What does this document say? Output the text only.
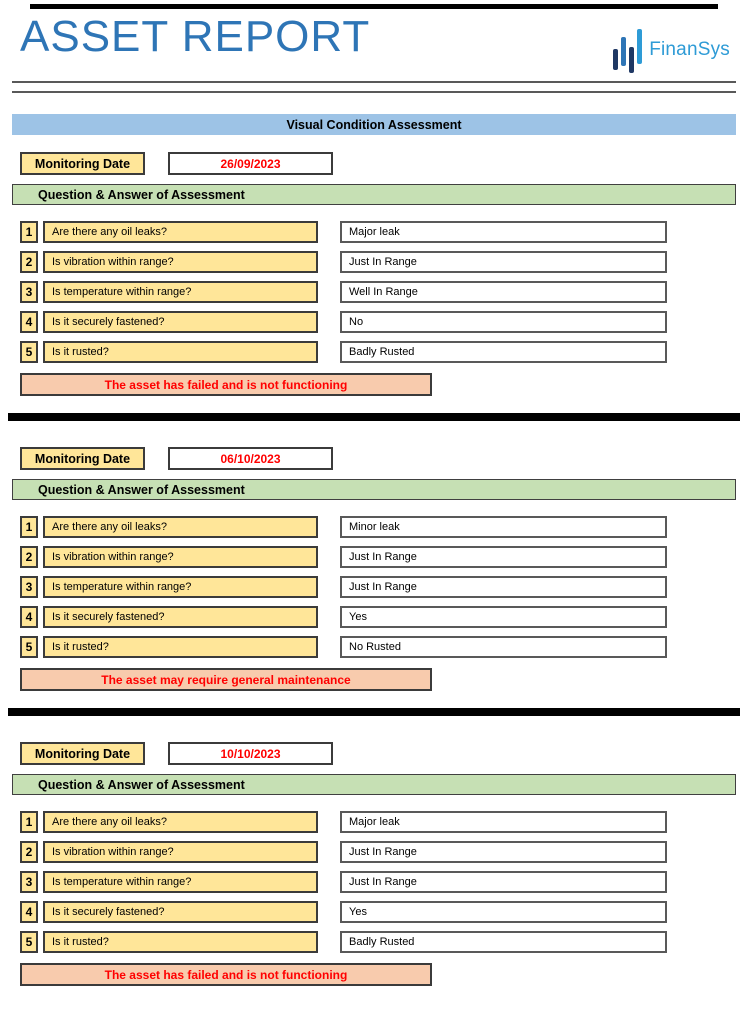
ASSET REPORT	FinanSys
Visual Condition Assessment
Monitoring Date	26/09/2023
Question & Answer of Assessment
1	Are there any oil leaks?	Major leak
2	Is vibration within range?	Just In Range
3	Is temperature within range?	Well In Range
4	Is it securely fastened?	No
5	Is it rusted?	Badly Rusted
The asset has failed and is not functioning
Monitoring Date	06/10/2023
Question & Answer of Assessment
1	Are there any oil leaks?	Minor leak
2	Is vibration within range?	Just In Range
3	Is temperature within range?	Just In Range
4	Is it securely fastened?	Yes
5	Is it rusted?	No Rusted
The asset may require general maintenance
Monitoring Date	10/10/2023
Question & Answer of Assessment
1	Are there any oil leaks?	Major leak
2	Is vibration within range?	Just In Range
3	Is temperature within range?	Just In Range
4	Is it securely fastened?	Yes
5	Is it rusted?	Badly Rusted
The asset has failed and is not functioning
